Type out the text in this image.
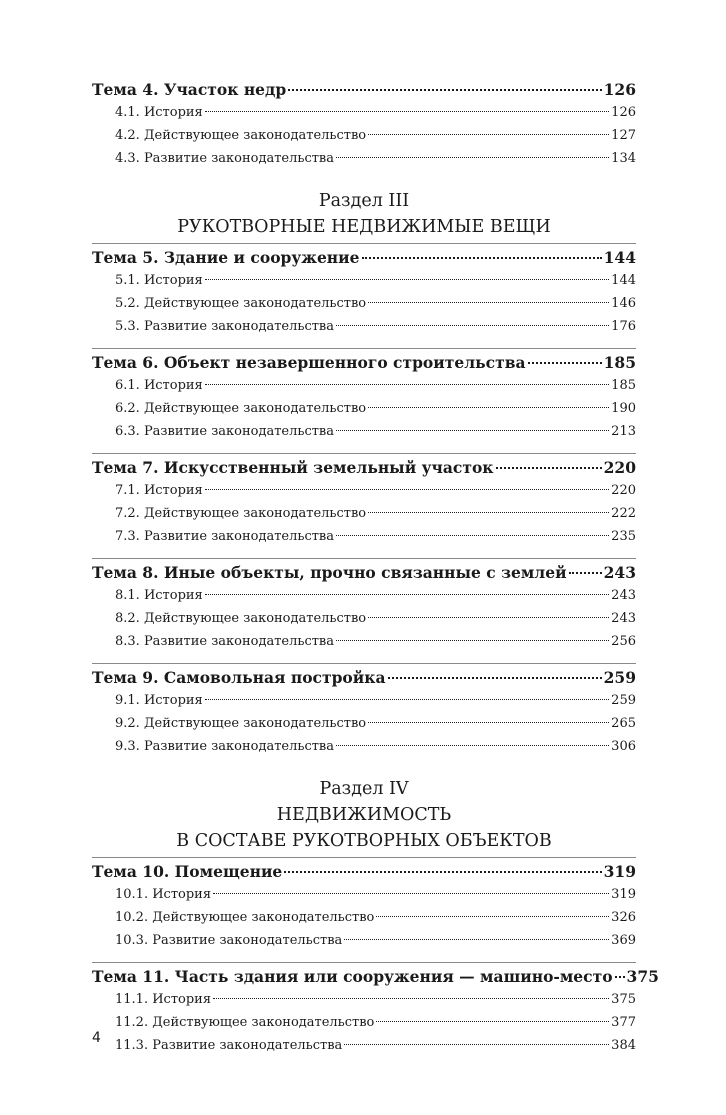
Тема 4. Участок недр	126
4.1. История	126
4.2. Действующее законодательство	127
4.3. Развитие законодательства	134
Раздел III
РУКОТВОРНЫЕ НЕДВИЖИМЫЕ ВЕЩИ
Тема 5. Здание и сооружение	144
5.1. История	144
5.2. Действующее законодательство	146
5.3. Развитие законодательства	176
Тема 6. Объект незавершенного строительства	185
6.1. История	185
6.2. Действующее законодательство	190
6.3. Развитие законодательства	213
Тема 7. Искусственный земельный участок	220
7.1. История	220
7.2. Действующее законодательство	222
7.3. Развитие законодательства	235
Тема 8. Иные объекты, прочно связанные с землей 243
8.1. История	243
8.2. Действующее законодательство	243
8.3. Развитие законодательства	256
Тема 9. Самовольная постройка	259
9.1. История	259
9.2. Действующее законодательство	265
9.3. Развитие законодательства	306
Раздел IV
НЕДВИЖИМОСТЬ
В СОСТАВЕ РУКОТВОРНЫХ ОБЪЕКТОВ
Тема 10. Помещение	319
10.1. История	319
10.2. Действующее законодательство	326
10.3. Развитие законодательства	369
Тема 11. Часть здания или сооружения — машино-место 375
11.1. История	375
11.2. Действующее законодательство	377
11.3. Развитие законодательства	384
4
